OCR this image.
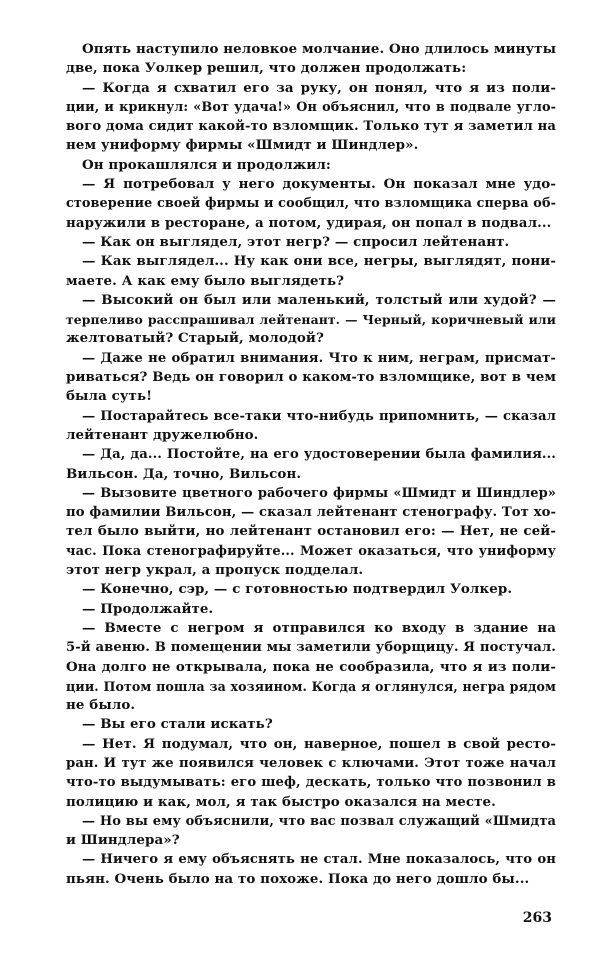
Опять наступило неловкое молчание. Оно длилось минуты
две, пока Уолкер решил, что должен продолжать:
— Когда я схватил его за руку, он понял, что я из поли-
ции, и крикнул: «Вот удача!» Он объяснил, что в подвале угло-
вого дома сидит какой-то взломщик. Только тут я заметил на
нем униформу фирмы «Шмидт и Шиндлер».
Он прокашлялся и продолжил:
— Я потребовал у него документы. Он показал мне удо-
стоверение своей фирмы и сообщил, что взломщика сперва об-
наружили в ресторане, а потом, удирая, он попал в подвал...
— Как он выглядел, этот негр? — спросил лейтенант.
— Как выглядел... Ну как они все, негры, выглядят, пони-
маете. А как ему было выглядеть?
— Высокий он был или маленький, толстый или худой? —
терпеливо расспрашивал лейтенант. — Черный, коричневый или
желтоватый? Старый, молодой?
— Даже не обратил внимания. Что к ним, неграм, присмат-
риваться? Ведь он говорил о каком-то взломщике, вот в чем
была суть!
— Постарайтесь все-таки что-нибудь припомнить, — сказал
лейтенант дружелюбно.
— Да, да... Постойте, на его удостоверении была фамилия...
Вильсон. Да, точно, Вильсон.
— Вызовите цветного рабочего фирмы «Шмидт и Шиндлер»
по фамилии Вильсон, — сказал лейтенант стенографу. Тот хо-
тел было выйти, но лейтенант остановил его: — Нет, не сей-
час. Пока стенографируйте... Может оказаться, что униформу
этот негр украл, а пропуск подделал.
— Конечно, сэр, — с готовностью подтвердил Уолкер.
— Продолжайте.
— Вместе с негром я отправился ко входу в здание на
5-й авеню. В помещении мы заметили уборщицу. Я постучал.
Она долго не открывала, пока не сообразила, что я из поли-
ции. Потом пошла за хозяином. Когда я оглянулся, негра рядом
не было.
— Вы его стали искать?
— Нет. Я подумал, что он, наверное, пошел в свой ресто-
ран. И тут же появился человек с ключами. Этот тоже начал
что-то выдумывать: его шеф, дескать, только что позвонил в
полицию и как, мол, я так быстро оказался на месте.
— Но вы ему объяснили, что вас позвал служащий «Шмидта
и Шиндлера»?
— Ничего я ему объяснять не стал. Мне показалось, что он
пьян. Очень было на то похоже. Пока до него дошло бы...
263
